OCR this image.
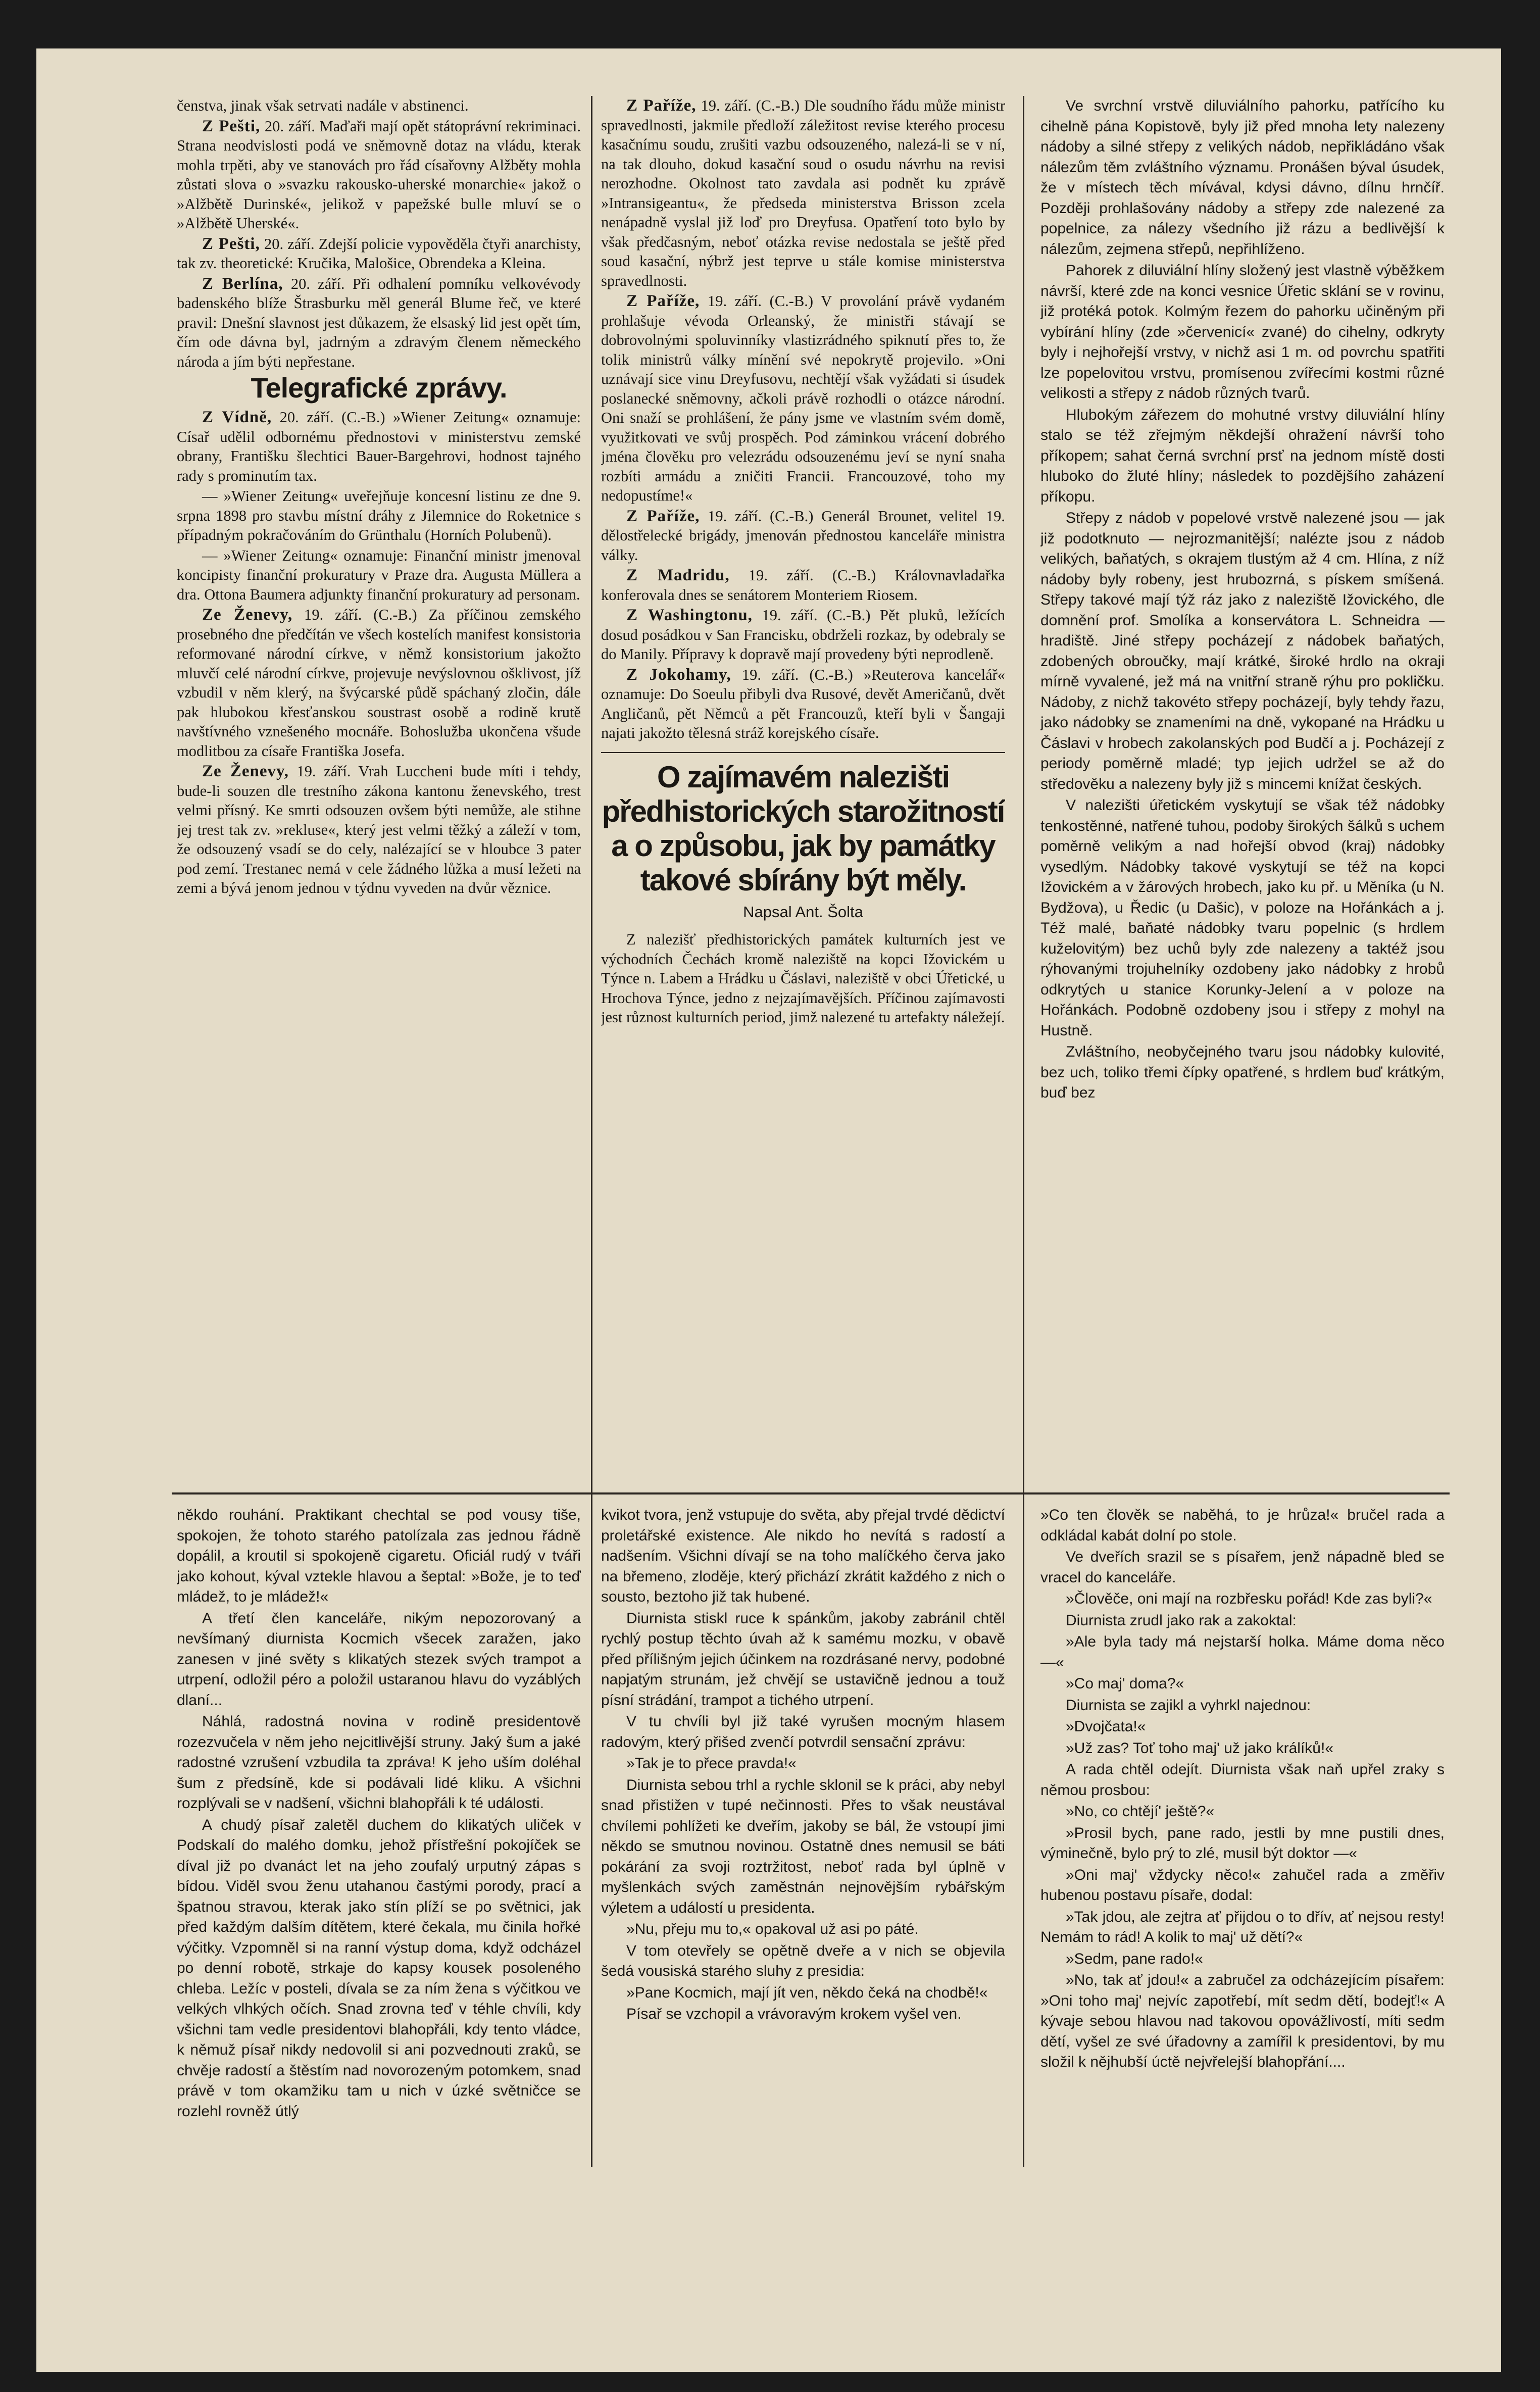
čenstva, jinak však setrvati nadále v abstinenci.

Z Pešti, 20. září. Maďaři mají opět státoprávní rekriminaci. Strana neodvislosti podá ve sněmovně dotaz na vládu, kterak mohla trpěti, aby ve stanovách pro řád císařovny Alžběty mohla zůstati slova o »svazku rakousko-uherské monarchie« jakož o »Alžbětě Durinské«, jelikož v papežské bulle mluví se o »Alžbětě Uherské«.

Z Pešti, 20. září. Zdejší policie vypověděla čtyři anarchisty, tak zv. theoretické: Kručika, Malošice, Obrendeka a Kleina.

Z Berlína, 20. září. Při odhalení pomníku velkovévody badenského blíže Štrasburku měl generál Blume řeč, ve které pravil: Dnešní slavnost jest důkazem, že elsaský lid jest opět tím, čím ode dávna byl, jadrným a zdravým členem německého národa a jím býti nepřestane.

Telegrafické zprávy.

Z Vídně, 20. září. (C.-B.) »Wiener Zeitung« oznamuje: Císař udělil odbornému přednostovi v ministerstvu zemské obrany, Františku šlechtici Bauer-Bargehrovi, hodnost tajného rady s prominutím tax.

— »Wiener Zeitung« uveřejňuje koncesní listinu ze dne 9. srpna 1898 pro stavbu místní dráhy z Jilemnice do Roketnice s případným pokračováním do Grünthalu (Horních Polubenů).

— »Wiener Zeitung« oznamuje: Finanční ministr jmenoval koncipisty finanční prokuratury v Praze dra. Augusta Müllera a dra. Ottona Baumera adjunkty finanční prokuratury ad personam.

Ze Ženevy, 19. září. (C.-B.) Za příčinou zemského prosebného dne předčítán ve všech kostelích manifest konsistoria reformované národní církve, v němž konsistorium jakožto mluvčí celé národní církve, projevuje nevýslovnou ošklivost, jíž vzbudil v něm klerý, na švýcarské půdě spáchaný zločin, dále pak hlubokou křesťanskou soustrast osobě a rodině krutě navštívného vznešeného mocnáře. Bohoslužba ukončena všude modlitbou za císaře Františka Josefa.

Ze Ženevy, 19. září. Vrah Luccheni bude míti i tehdy, bude-li souzen dle trestního zákona kantonu ženevského, trest velmi přísný. Ke smrti odsouzen ovšem býti nemůže, ale stihne jej trest tak zv. »rekluse«, který jest velmi těžký a záleží v tom, že odsouzený vsadí se do cely, nalézající se v hloubce 3 pater pod zemí. Trestanec nemá v cele žádného lůžka a musí ležeti na zemi a bývá jenom jednou v týdnu vyveden na dvůr věznice.

Z Paříže, 19. září. (C.-B.) Dle soudního řádu může ministr spravedlnosti, jakmile předloží záležitost revise kterého procesu kasačnímu soudu, zrušiti vazbu odsouzeného, nalezá-li se v ní, na tak dlouho, dokud kasační soud o osudu návrhu na revisi nerozhodne. Okolnost tato zavdala asi podnět ku zprávě »Intransigeantu«, že předseda ministerstva Brisson zcela nenápadně vyslal již loď pro Dreyfusa. Opatření toto bylo by však předčasným, neboť otázka revise nedostala se ještě před soud kasační, nýbrž jest teprve u stále komise ministerstva spravedlnosti.

Z Paříže, 19. září. (C.-B.) V provolání právě vydaném prohlašuje vévoda Orleanský, že ministři stávají se dobrovolnými spoluvinníky vlastizrádného spiknutí přes to, že tolik ministrů války mínění své nepokrytě projevilo. »Oni uznávají sice vinu Dreyfusovu, nechtějí však vyžádati si úsudek poslanecké sněmovny, ačkoli právě rozhodli o otázce národní. Oni snaží se prohlášení, že pány jsme ve vlastním svém domě, využitkovati ve svůj prospěch. Pod záminkou vrácení dobrého jména člověku pro velezrádu odsouzenému jeví se nyní snaha rozbíti armádu a zničiti Francii. Francouzové, toho my nedopustíme!«

Z Paříže, 19. září. (C.-B.) Generál Brounet, velitel 19. dělostřelecké brigády, jmenován přednostou kanceláře ministra války.

Z Madridu, 19. září. (C.-B.) Královnavladařka konferovala dnes se senátorem Monteriem Riosem.

Z Washingtonu, 19. září. (C.-B.) Pět pluků, ležících dosud posádkou v San Francisku, obdrželi rozkaz, by odebraly se do Manily. Přípravy k dopravě mají provedeny býti neprodleně.

Z Jokohamy, 19. září. (C.-B.) »Reuterova kancelář« oznamuje: Do Soeulu přibyli dva Rusové, devět Američanů, dvět Angličanů, pět Němců a pět Francouzů, kteří byli v Šangaji najati jakožto tělesná stráž korejského císaře.

O zajímavém nalezišti předhistorických starožitností a o způsobu, jak by památky takové sbírány být měly.
Napsal Ant. Šolta

Z nalezišť předhistorických památek kulturních jest ve východních Čechách kromě naleziště na kopci Ižovickém u Týnce n. Labem a Hrádku u Čáslavi, naleziště v obci Úřetické, u Hrochova Týnce, jedno z nejzajímavějších. Příčinou zajímavosti jest různost kulturních period, jimž nalezené tu artefakty náležejí.

Ve svrchní vrstvě diluviálního pahorku, patřícího ku cihelně pána Kopistově, byly již před mnoha lety nalezeny nádoby a silné střepy z velikých nádob, nepřikládáno však nálezům těm zvláštního významu. Pronášen býval úsudek, že v místech těch mívával, kdysi dávno, dílnu hrnčíř. Později prohlašovány nádoby a střepy zde nalezené za popelnice, za nálezy všedního již rázu a bedlivější k nálezům, zejmena střepů, nepřihlíženo.

Pahorek z diluviální hlíny složený jest vlastně výběžkem návrší, které zde na konci vesnice Úřetic sklání se v rovinu, již protéká potok. Kolmým řezem do pahorku učiněným při vybírání hlíny (zde »červenicí« zvané) do cihelny, odkryty byly i nejhořejší vrstvy, v nichž asi 1 m. od povrchu spatřiti lze popelovitou vrstvu, promísenou zvířecími kostmi různé velikosti a střepy z nádob různých tvarů.

Hlubokým zářezem do mohutné vrstvy diluviální hlíny stalo se též zřejmým někdejší ohražení návrší toho příkopem; sahat černá svrchní prsť na jednom místě dosti hluboko do žluté hlíny; následek to pozdějšího zaházení příkopu.

Střepy z nádob v popelové vrstvě nalezené jsou — jak již podotknuto — nejrozmanitější; nalézte jsou z nádob velikých, baňatých, s okrajem tlustým až 4 cm. Hlína, z níž nádoby byly robeny, jest hrubozrná, s pískem smíšená. Střepy takové mají týž ráz jako z naleziště Ižovického, dle domnění prof. Smolíka a konservátora L. Schneidra — hradiště. Jiné střepy pocházejí z nádobek baňatých, zdobených obroučky, mají krátké, široké hrdlo na okraji mírně vyvalené, jež má na vnitřní straně rýhu pro pokličku. Nádoby, z nichž takovéto střepy pocházejí, byly tehdy řazu, jako nádobky se znameními na dně, vykopané na Hrádku u Čáslavi v hrobech zakolanských pod Budčí a j. Pocházejí z periody poměrně mladé; typ jejich udržel se až do středověku a nalezeny byly již s mincemi knížat českých.

V nalezišti úřetickém vyskytují se však též nádobky tenkostěnné, natřené tuhou, podoby širokých šálků s uchem poměrně velikým a nad hořejší obvod (kraj) nádobky vysedlým. Nádobky takové vyskytují se též na kopci Ižovickém a v žárových hrobech, jako ku př. u Měníka (u N. Bydžova), u Ředic (u Dašic), v poloze na Hořánkách a j. Též malé, baňaté nádobky tvaru popelnic (s hrdlem kuželovitým) bez uchů byly zde nalezeny a taktéž jsou rýhovanými trojuhelníky ozdobeny jako nádobky z hrobů odkrytých u stanice Korunky-Jelení a v poloze na Hořánkách. Podobně ozdobeny jsou i střepy z mohyl na Hustně.

Zvláštního, neobyčejného tvaru jsou nádobky kulovité, bez uch, toliko třemi čípky opatřené, s hrdlem buď krátkým, buď bez

někdo rouhání. Praktikant chechtal se pod vousy tiše, spokojen, že tohoto starého patolízala zas jednou řádně dopálil, a kroutil si spokojeně cigaretu. Oficiál rudý v tváři jako kohout, kýval vztekle hlavou a šeptal: »Bože, je to teď mládež, to je mládež!«

A třetí člen kanceláře, nikým nepozorovaný a nevšímaný diurnista Kocmich všecek zaražen, jako zanesen v jiné světy s klikatých stezek svých trampot a utrpení, odložil péro a položil ustaranou hlavu do vyzáblých dlaní...

Náhlá, radostná novina v rodině presidentově rozezvučela v něm jeho nejcitlivější struny. Jaký šum a jaké radostné vzrušení vzbudila ta zpráva! K jeho uším doléhal šum z předsíně, kde si podávali lidé kliku. A všichni rozplývali se v nadšení, všichni blahopřáli k té události.

A chudý písař zaletěl duchem do klikatých uliček v Podskalí do malého domku, jehož přístřešní pokojíček se díval již po dvanáct let na jeho zoufalý urputný zápas s bídou. Viděl svou ženu utahanou častými porody, prací a špatnou stravou, kterak jako stín plíží se po světnici, jak před každým dalším dítětem, které čekala, mu činila hořké výčitky. Vzpomněl si na ranní výstup doma, když odcházel po denní robotě, strkaje do kapsy kousek posoleného chleba. Ležíc v posteli, dívala se za ním žena s výčitkou ve velkých vlhkých očích. Snad zrovna teď v téhle chvíli, kdy všichni tam vedle presidentovi blahopřáli, kdy tento vládce, k němuž písař nikdy nedovolil si ani pozvednouti zraků, se chvěje radostí a štěstím nad novorozeným potomkem, snad právě v tom okamžiku tam u nich v úzké světničce se rozlehl rovněž útlý

kvikot tvora, jenž vstupuje do světa, aby přejal trvdé dědictví proletářské existence. Ale nikdo ho nevítá s radostí a nadšením. Všichni dívají se na toho malíčkého červa jako na břemeno, zloděje, který přichází zkrátit každého z nich o sousto, beztoho již tak hubené.

Diurnista stiskl ruce k spánkům, jakoby zabránil chtěl rychlý postup těchto úvah až k samému mozku, v obavě před přílišným jejich účinkem na rozdrásané nervy, podobné napjatým strunám, jež chvějí se ustavičně jednou a touž písní strádání, trampot a tichého utrpení.

V tu chvíli byl již také vyrušen mocným hlasem radovým, který přišed zvenčí potvrdil sensační zprávu:

»Tak je to přece pravda!«

Diurnista sebou trhl a rychle sklonil se k práci, aby nebyl snad přistižen v tupé nečinnosti. Přes to však neustával chvílemi pohlížeti ke dveřím, jakoby se bál, že vstoupí jimi někdo se smutnou novinou. Ostatně dnes nemusil se báti pokárání za svoji roztržitost, neboť rada byl úplně v myšlenkách svých zaměstnán nejnovějším rybářským výletem a událostí u presidenta.

»Nu, přeju mu to,« opakoval už asi po páté.

V tom otevřely se opětně dveře a v nich se objevila šedá vousiská starého sluhy z presidia:

»Pane Kocmich, mají jít ven, někdo čeká na chodbě!«

Písař se vzchopil a vrávoravým krokem vyšel ven.

»Co ten člověk se naběhá, to je hrůza!« bručel rada a odkládal kabát dolní po stole.

Ve dveřích srazil se s písařem, jenž nápadně bled se vracel do kanceláře.

»Člověče, oni mají na rozbřesku pořád! Kde zas byli?«

Diurnista zrudl jako rak a zakoktal:

»Ale byla tady má nejstarší holka. Máme doma něco —«

»Co maj' doma?«

Diurnista se zajikl a vyhrkl najednou:

»Dvojčata!«

»Už zas? Toť toho maj' už jako králíků!«

A rada chtěl odejít. Diurnista však naň upřel zraky s němou prosbou:

»No, co chtějí' ještě?«

»Prosil bych, pane rado, jestli by mne pustili dnes, výminečně, bylo prý to zlé, musil být doktor —«

»Oni maj' vždycky něco!« zahučel rada a změřiv hubenou postavu písaře, dodal:

»Tak jdou, ale zejtra ať přijdou o to dřív, ať nejsou resty! Nemám to rád! A kolik to maj' už dětí?«

»Sedm, pane rado!«

»No, tak ať jdou!« a zabručel za odcházejícím písařem: »Oni toho maj' nejvíc zapotřebí, mít sedm dětí, bodejť!« A kývaje sebou hlavou nad takovou opovážlivostí, míti sedm dětí, vyšel ze své úřadovny a zamířil k presidentovi, by mu složil k nějhubší úctě nejvřelejší blahopřání....
